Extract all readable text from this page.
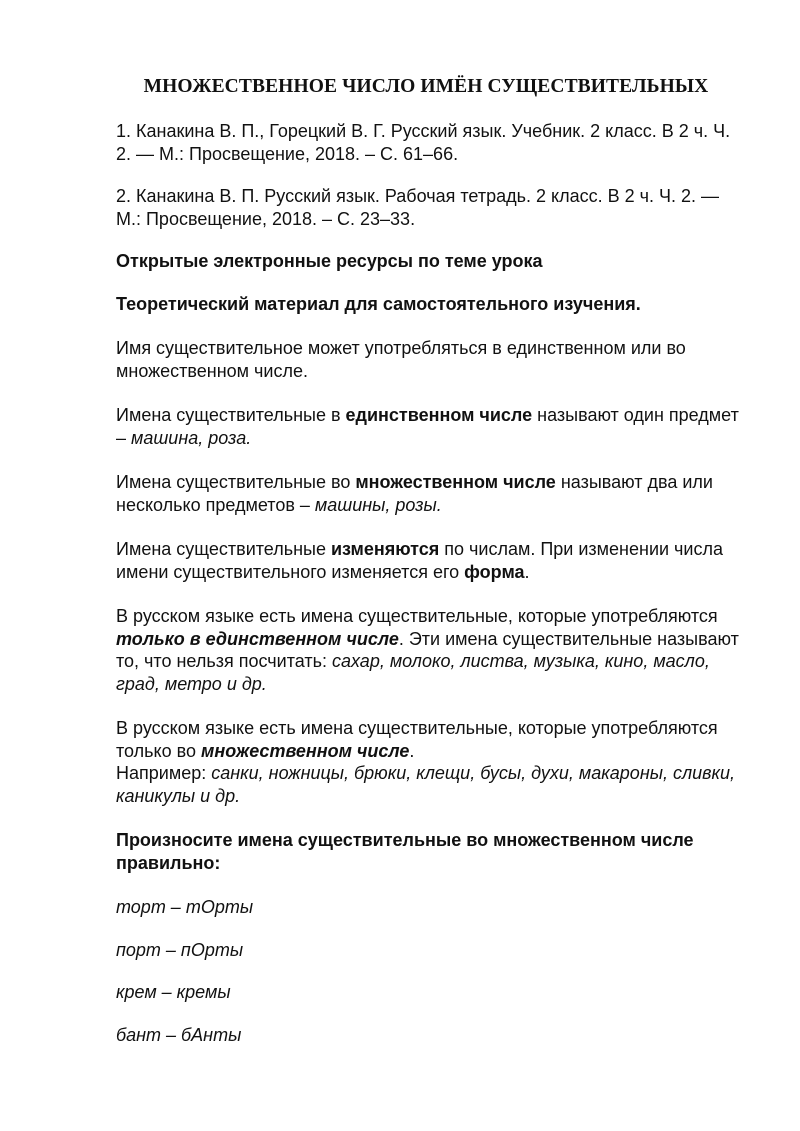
МНОЖЕСТВЕННОЕ ЧИСЛО ИМЁН СУЩЕСТВИТЕЛЬНЫХ

1. Канакина В. П., Горецкий В. Г. Русский язык. Учебник. 2 класс. В 2 ч. Ч. 2. — М.: Просвещение, 2018. – С. 61–66.

2. Канакина В. П. Русский язык. Рабочая тетрадь. 2 класс. В 2 ч. Ч. 2. — М.: Просвещение, 2018. – С. 23–33.

Открытые электронные ресурсы по теме урока

Теоретический материал для самостоятельного изучения.

Имя существительное может употребляться в единственном или во множественном числе.

Имена существительные в единственном числе называют один предмет – машина, роза.

Имена существительные во множественном числе называют два или несколько предметов – машины, розы.

Имена существительные изменяются по числам. При изменении числа имени существительного изменяется его форма.

В русском языке есть имена существительные, которые употребляются только в единственном числе. Эти имена существительные называют то, что нельзя посчитать: сахар, молоко, листва, музыка, кино, масло, град, метро и др.

В русском языке есть имена существительные, которые употребляются только во множественном числе.
Например: санки, ножницы, брюки, клещи, бусы, духи, макароны, сливки, каникулы и др.

Произносите имена существительные во множественном числе правильно:

торт – тОрты

порт – пОрты

крем – кремы

бант – бАнты
